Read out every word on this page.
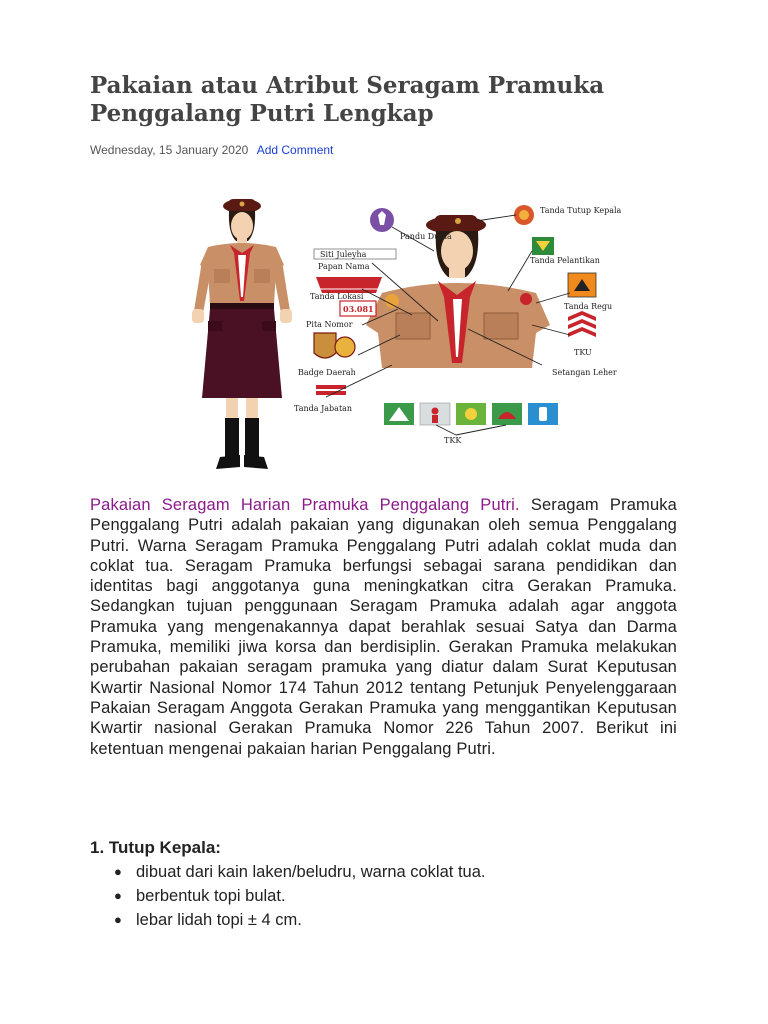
Pakaian atau Atribut Seragam Pramuka Penggalang Putri Lengkap
Wednesday, 15 January 2020 Add Comment
Pandu Dunia
Siti Juleyha
Papan Nama
Tanda Lokasi
03.081
Pita Nomor
Badge Daerah
Tanda Jabatan
Tanda Tutup Kepala
Tanda Pelantikan
Tanda Regu
TKU
Setangan Leher
TKK

Pakaian Seragam Harian Pramuka Penggalang Putri. Seragam Pramuka Penggalang Putri adalah pakaian yang digunakan oleh semua Penggalang Putri. Warna Seragam Pramuka Penggalang Putri adalah coklat muda dan coklat tua. Seragam Pramuka berfungsi sebagai sarana pendidikan dan identitas bagi anggotanya guna meningkatkan citra Gerakan Pramuka. Sedangkan tujuan penggunaan Seragam Pramuka adalah agar anggota Pramuka yang mengenakannya dapat berahlak sesuai Satya dan Darma Pramuka, memiliki jiwa korsa dan berdisiplin. Gerakan Pramuka melakukan perubahan pakaian seragam pramuka yang diatur dalam Surat Keputusan Kwartir Nasional Nomor 174 Tahun 2012 tentang Petunjuk Penyelenggaraan Pakaian Seragam Anggota Gerakan Pramuka yang menggantikan Keputusan Kwartir nasional Gerakan Pramuka Nomor 226 Tahun 2007. Berikut ini ketentuan mengenai pakaian harian Penggalang Putri.

1. Tutup Kepala:
● dibuat dari kain laken/beludru, warna coklat tua.
● berbentuk topi bulat.
● lebar lidah topi ± 4 cm.
